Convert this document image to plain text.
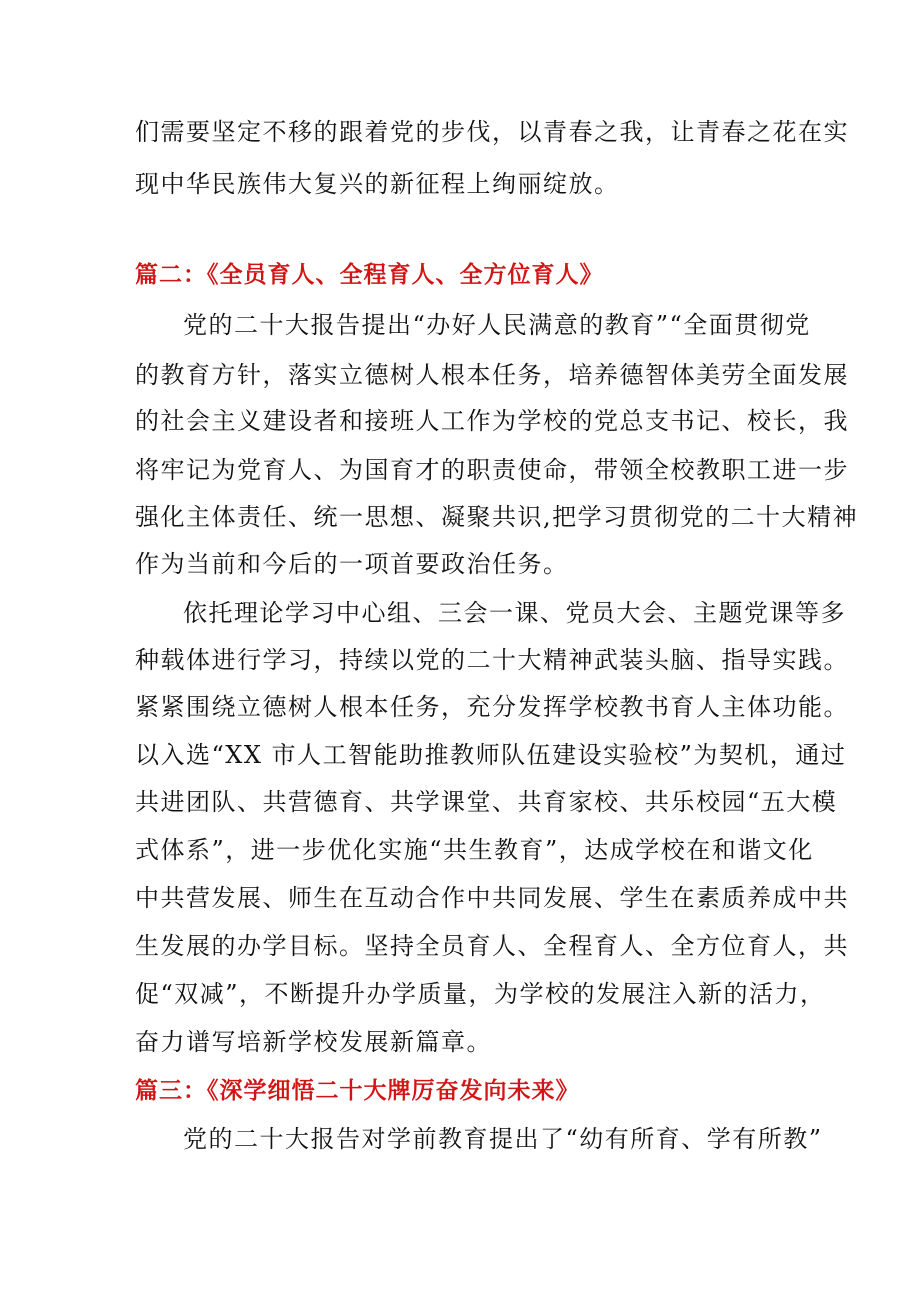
们需要坚定不移的跟着党的步伐，以青春之我，让青春之花在实
现中华民族伟大复兴的新征程上绚丽绽放。
篇二：《全员育人、全程育人、全方位育人》
党的二十大报告提出“办好人民满意的教育”“全面贯彻党
的教育方针，落实立德树人根本任务，培养德智体美劳全面发展
的社会主义建设者和接班人工作为学校的党总支书记、校长，我
将牢记为党育人、为国育才的职责使命，带领全校教职工进一步
强化主体责任、统一思想、凝聚共识,把学习贯彻党的二十大精神
作为当前和今后的一项首要政治任务。
依托理论学习中心组、三会一课、党员大会、主题党课等多
种载体进行学习，持续以党的二十大精神武装头脑、指导实践。
紧紧围绕立德树人根本任务，充分发挥学校教书育人主体功能。
以入选“XX 市人工智能助推教师队伍建设实验校”为契机，通过
共进团队、共营德育、共学课堂、共育家校、共乐校园“五大模
式体系”，进一步优化实施“共生教育”，达成学校在和谐文化
中共营发展、师生在互动合作中共同发展、学生在素质养成中共
生发展的办学目标。坚持全员育人、全程育人、全方位育人，共
促“双减”，不断提升办学质量，为学校的发展注入新的活力，
奋力谱写培新学校发展新篇章。
篇三：《深学细悟二十大牌厉奋发向未来》
党的二十大报告对学前教育提出了“幼有所育、学有所教”
